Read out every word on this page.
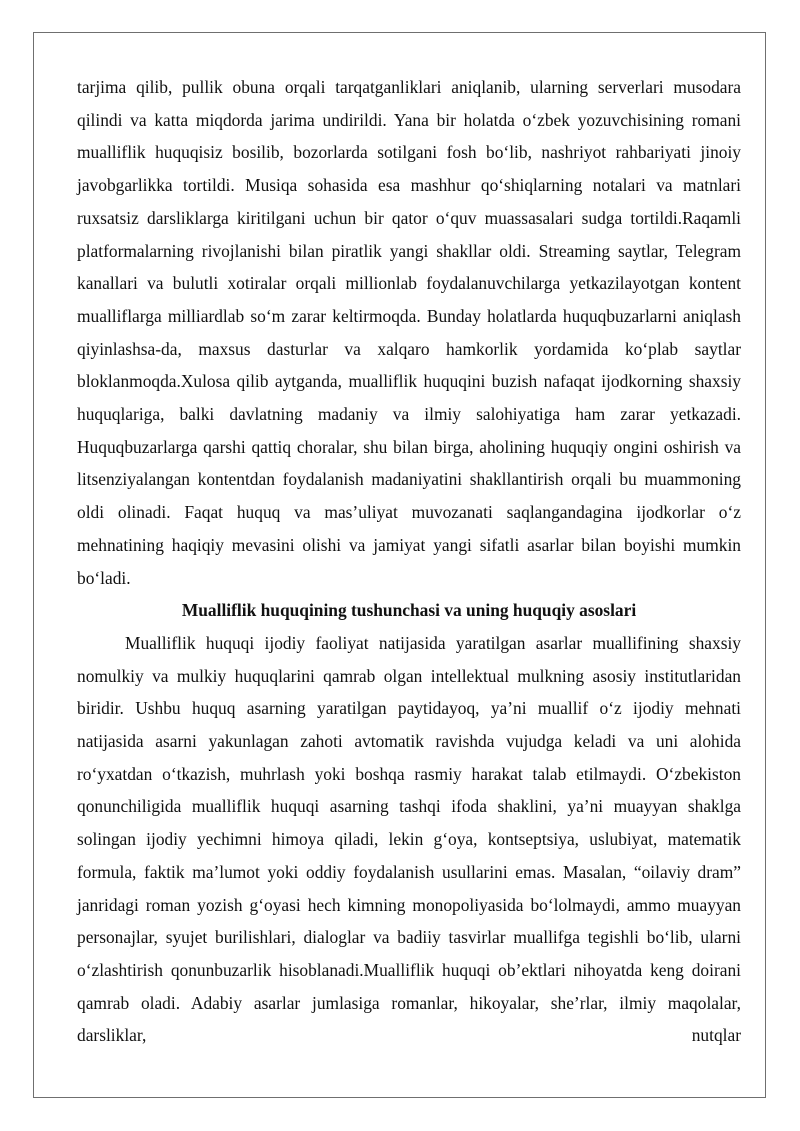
tarjima qilib, pullik obuna orqali tarqatganliklari aniqlanib, ularning serverlari musodara qilindi va katta miqdorda jarima undirildi. Yana bir holatda o‘zbek yozuvchisining romani mualliflik huquqisiz bosilib, bozorlarda sotilgani fosh bo‘lib, nashriyot rahbariyati jinoiy javobgarlikka tortildi. Musiqa sohasida esa mashhur qo‘shiqlarning notalari va matnlari ruxsatsiz darsliklarga kiritilgani uchun bir qator o‘quv muassasalari sudga tortildi.Raqamli platformalarning rivojlanishi bilan piratlik yangi shakllar oldi. Streaming saytlar, Telegram kanallari va bulutli xotiralar orqali millionlab foydalanuvchilarga yetkazilayotgan kontent mualliflarga milliardlab so‘m zarar keltirmoqda. Bunday holatlarda huquqbuzarlarni aniqlash qiyinlashsa-da, maxsus dasturlar va xalqaro hamkorlik yordamida ko‘plab saytlar bloklanmoqda.Xulosa qilib aytganda, mualliflik huquqini buzish nafaqat ijodkorning shaxsiy huquqlariga, balki davlatning madaniy va ilmiy salohiyatiga ham zarar yetkazadi. Huquqbuzarlarga qarshi qattiq choralar, shu bilan birga, aholining huquqiy ongini oshirish va litsenziyalangan kontentdan foydalanish madaniyatini shakllantirish orqali bu muammoning oldi olinadi. Faqat huquq va mas’uliyat muvozanati saqlangandagina ijodkorlar o‘z mehnatining haqiqiy mevasini olishi va jamiyat yangi sifatli asarlar bilan boyishi mumkin bo‘ladi.

Mualliflik huquqining tushunchasi va uning huquqiy asoslari

Mualliflik huquqi ijodiy faoliyat natijasida yaratilgan asarlar muallifining shaxsiy nomulkiy va mulkiy huquqlarini qamrab olgan intellektual mulkning asosiy institutlaridan biridir. Ushbu huquq asarning yaratilgan paytidayoq, ya’ni muallif o‘z ijodiy mehnati natijasida asarni yakunlagan zahoti avtomatik ravishda vujudga keladi va uni alohida ro‘yxatdan o‘tkazish, muhrlash yoki boshqa rasmiy harakat talab etilmaydi. O‘zbekiston qonunchiligida mualliflik huquqi asarning tashqi ifoda shaklini, ya’ni muayyan shaklga solingan ijodiy yechimni himoya qiladi, lekin g‘oya, kontseptsiya, uslubiyat, matematik formula, faktik ma’lumot yoki oddiy foydalanish usullarini emas. Masalan, “oilaviy dram” janridagi roman yozish g‘oyasi hech kimning monopoliyasida bo‘lolmaydi, ammo muayyan personajlar, syujet burilishlari, dialoglar va badiiy tasvirlar muallifga tegishli bo‘lib, ularni o‘zlashtirish qonunbuzarlik hisoblanadi.Mualliflik huquqi ob’ektlari nihoyatda keng doirani qamrab oladi. Adabiy asarlar jumlasiga romanlar, hikoyalar, she’rlar, ilmiy maqolalar, darsliklar, nutqlar
